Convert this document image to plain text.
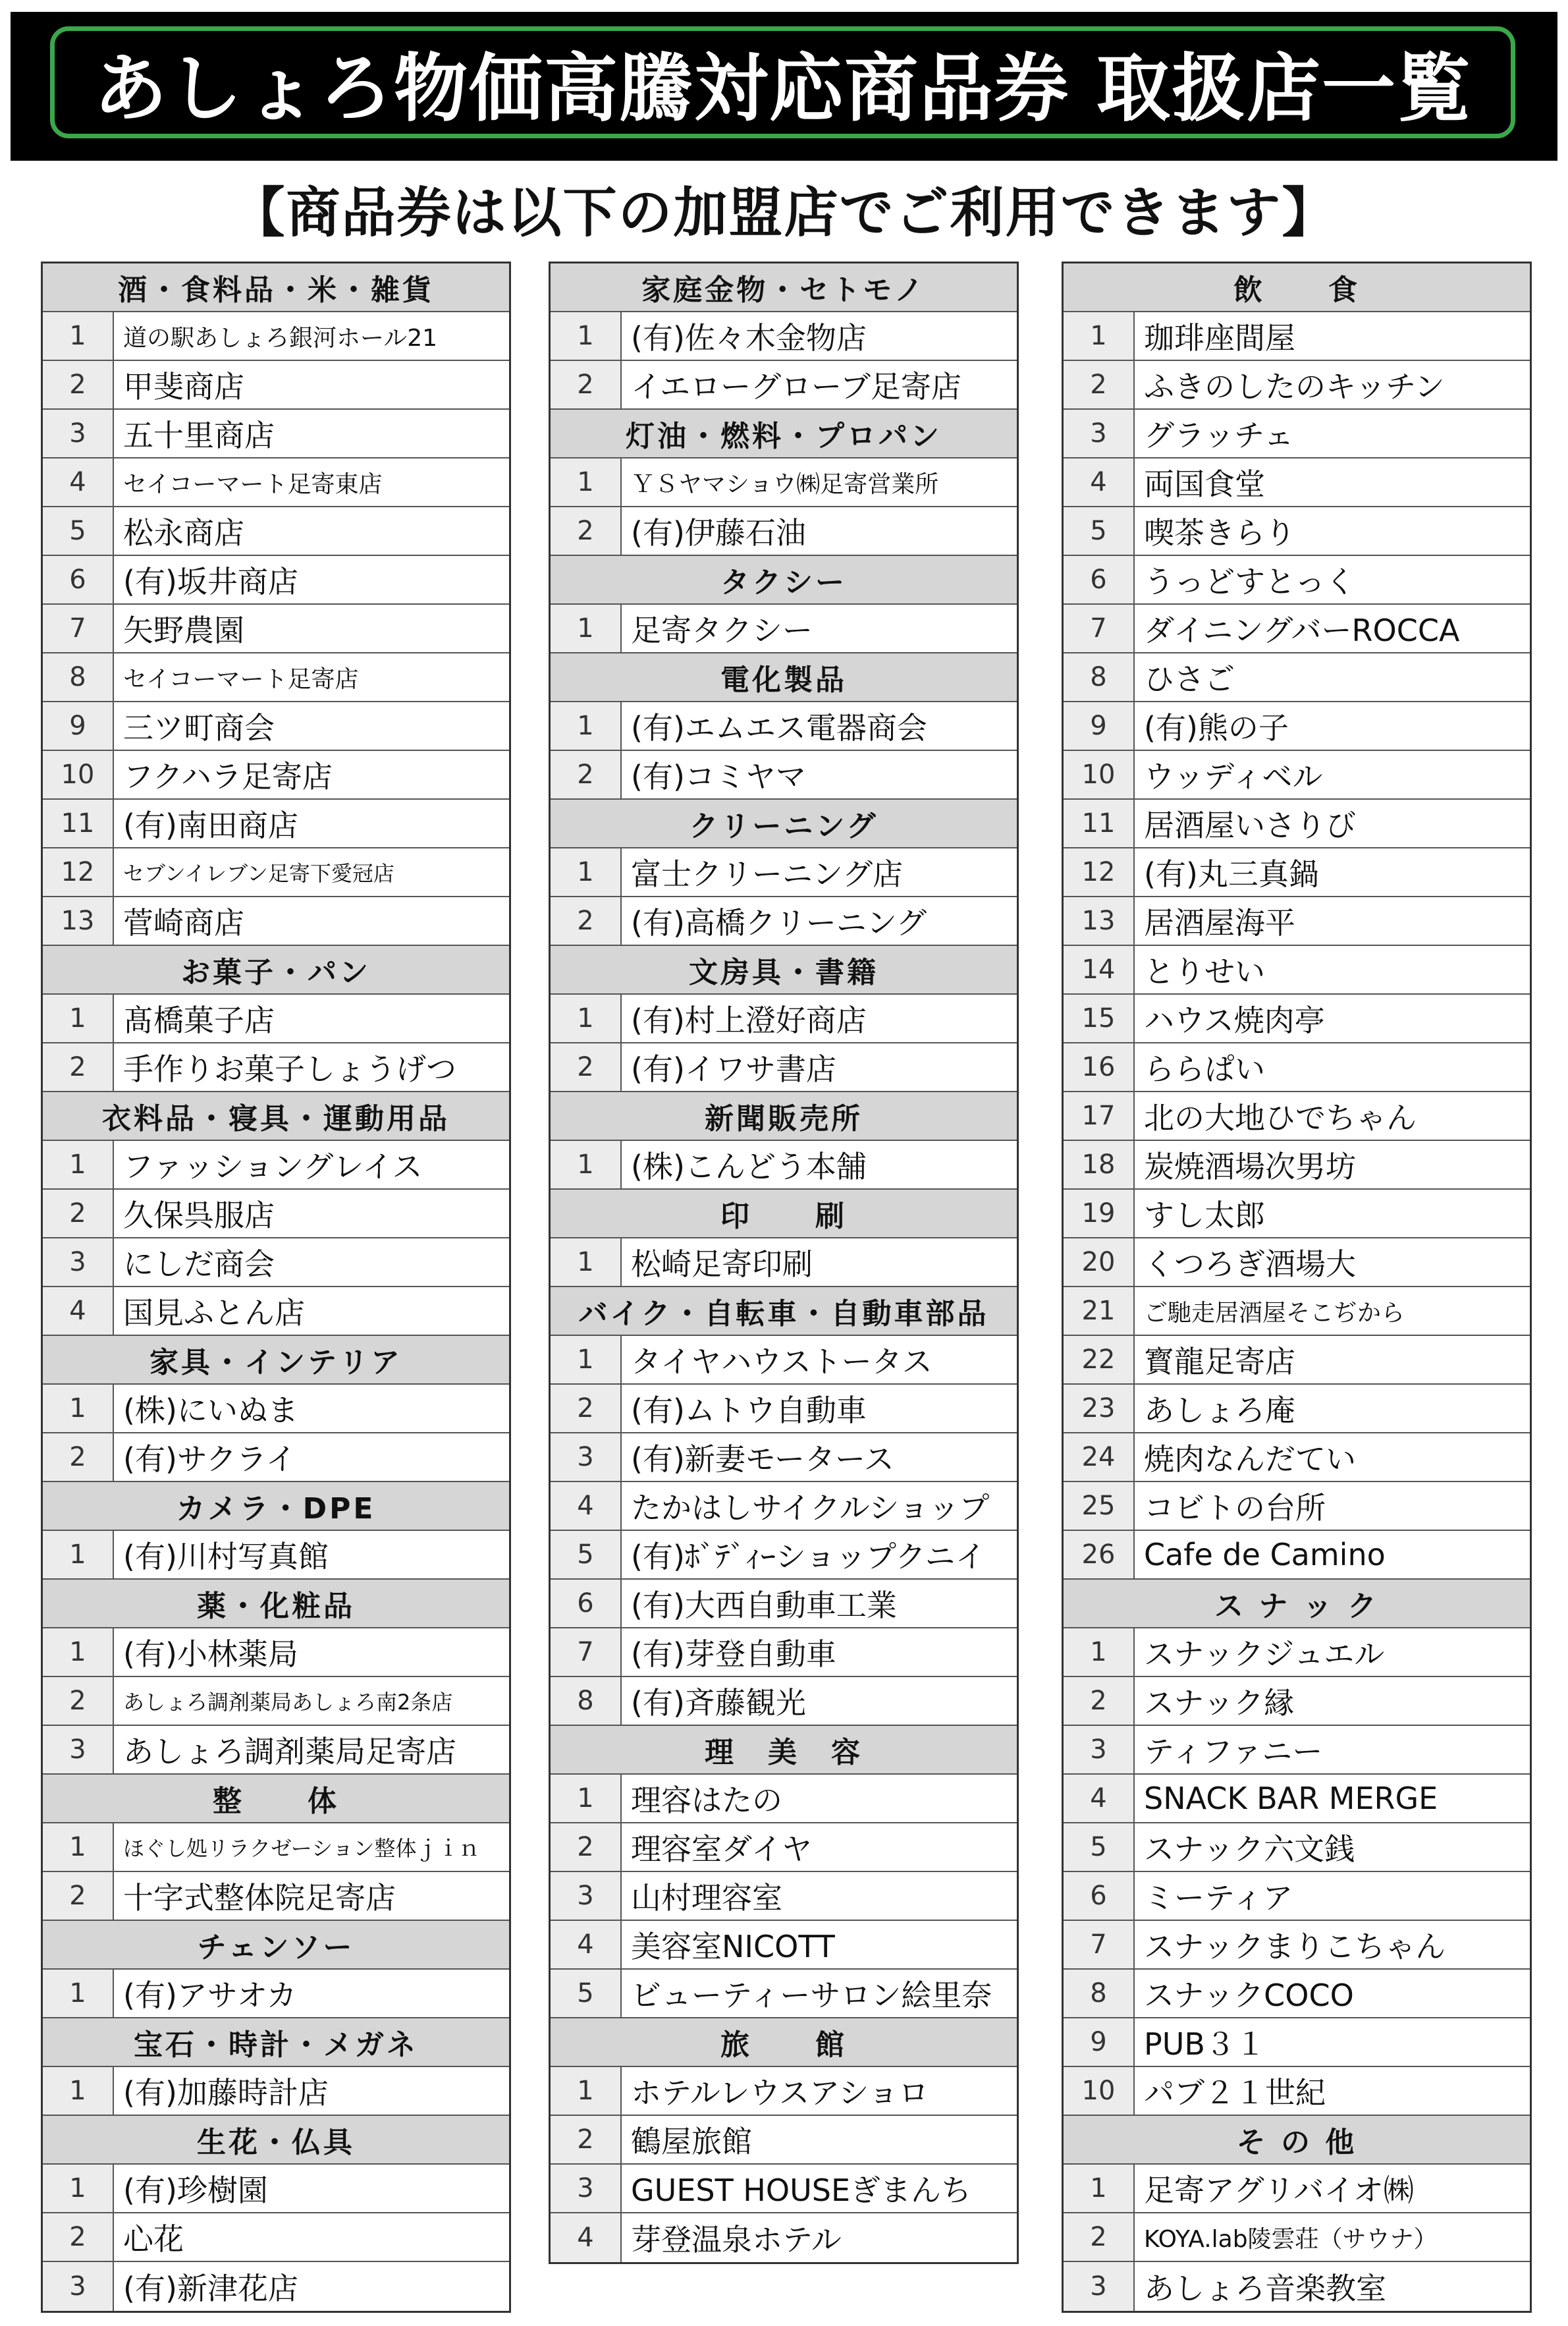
あしょろ物価高騰対応商品券 取扱店一覧
【商品券は以下の加盟店でご利用できます】
酒・食料品・米・雑貨
1	道の駅あしょろ銀河ホール21
2	甲斐商店
3	五十里商店
4	セイコーマート足寄東店
5	松永商店
6	(有)坂井商店
7	矢野農園
8	セイコーマート足寄店
9	三ツ町商会
10 フクハラ足寄店
11 (有)南田商店
12	セブンイレブン足寄下愛冠店
13 菅崎商店
お菓子・パン
1	髙橋菓子店
2	手作りお菓子しょうげつ
衣料品・寝具・運動用品
1	ファッショングレイス
2	久保呉服店
3	にしだ商会
4	国見ふとん店
家具・インテリア
1	(株)にいぬま
2	(有)サクライ
カメラ・DPE
1	(有)川村写真館
薬・化粧品
1	(有)小林薬局
2	あしょろ調剤薬局あしょろ南2条店
3	あしょろ調剤薬局足寄店
整　　体
1	ほぐし処リラクゼーション整体ｊｉｎ
2	十字式整体院足寄店
チェンソー
1	(有)アサオカ
宝石・時計・メガネ
1	(有)加藤時計店
生花・仏具
1	(有)珍樹園
2	心花
3	(有)新津花店
家庭金物・セトモノ
1	(有)佐々木金物店
2	イエローグローブ足寄店
灯油・燃料・プロパン
1	ＹＳヤマショウ㈱足寄営業所
2	(有)伊藤石油
タクシー
1	足寄タクシー
電化製品
1	(有)エムエス電器商会
2	(有)コミヤマ
クリーニング
1	富士クリーニング店
2	(有)高橋クリーニング
文房具・書籍
1	(有)村上澄好商店
2	(有)イワサ書店
新聞販売所
1	(株)こんどう本舗
印　　刷
1	松崎足寄印刷
バイク・自転車・自動車部品
1	タイヤハウストータス
2	(有)ムトウ自動車
3	(有)新妻モータース
4	たかはしサイクルショップ
5	(有)ﾎﾞﾃﾞｨｰショップクニイ
6	(有)大西自動車工業
7	(有)芽登自動車
8	(有)斉藤観光
理　美　容
1	理容はたの
2	理容室ダイヤ
3	山村理容室
4	美容室NICOTT
5	ビューティーサロン絵里奈
旅　　館
1	ホテルレウスアショロ
2	鶴屋旅館
3	GUEST HOUSEぎまんち
4	芽登温泉ホテル
飲　　食
1	珈琲座間屋
2	ふきのしたのキッチン
3	グラッチェ
4	両国食堂
5	喫茶きらり
6	うっどすとっく
7	ダイニングバーROCCA
8	ひさご
9	(有)熊の子
10 ウッディベル
11 居酒屋いさりび
12 (有)丸三真鍋
13 居酒屋海平
14 とりせい
15 ハウス焼肉亭
16 ららぱい
17 北の大地ひでちゃん
18 炭焼酒場次男坊
19 すし太郎
20 くつろぎ酒場大
21	ご馳走居酒屋そこぢから
22 寳龍足寄店
23 あしょろ庵
24 焼肉なんだてい
25 コビトの台所
26 Cafe de Camino
ス ナ ッ ク
1	スナックジュエル
2	スナック縁
3	ティファニー
4	SNACK BAR MERGE
5	スナック六文銭
6	ミーティア
7	スナックまりこちゃん
8	スナックCOCO
9	PUB３１
10 パブ２１世紀
そ の 他
1	足寄アグリバイオ㈱
2	KOYA.lab陵雲荘（サウナ）
3	あしょろ音楽教室
